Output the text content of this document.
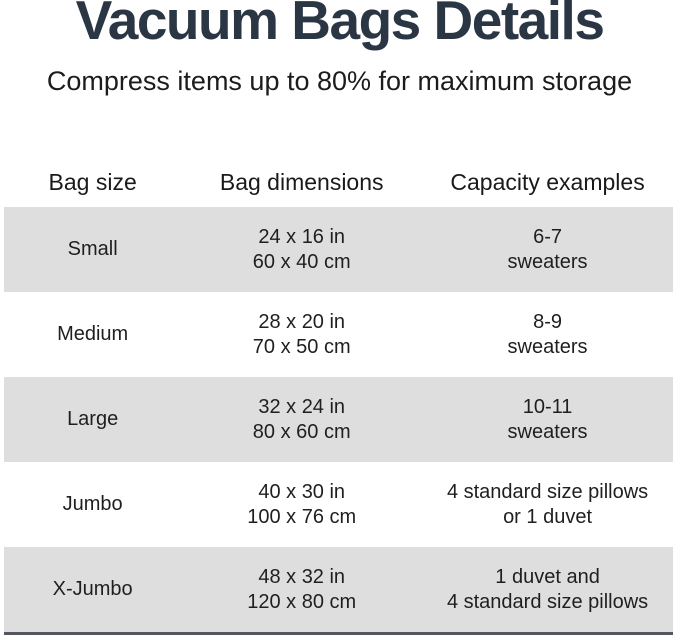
Vacuum Bags Details

Compress items up to 80% for maximum storage

Bag size	Bag dimensions	Capacity examples
Small
24 x 16 in
60 x 40 cm
6-7
sweaters
Medium
28 x 20 in
70 x 50 cm
8-9
sweaters
Large
32 x 24 in
80 x 60 cm
10-11
sweaters
Jumbo
40 x 30 in
100 x 76 cm
4 standard size pillows
or 1 duvet
X-Jumbo
48 x 32 in
120 x 80 cm
1 duvet and
4 standard size pillows
